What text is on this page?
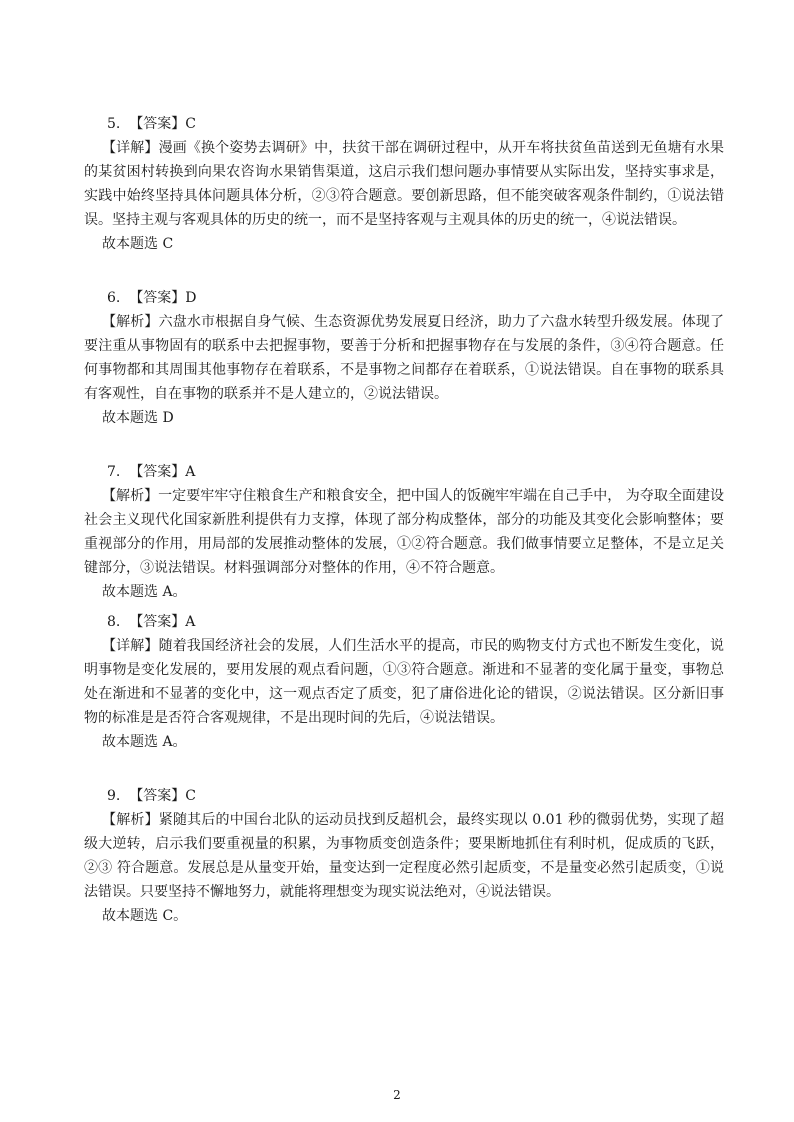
5. 【答案】C

【详解】漫画《换个姿势去调研》中，扶贫干部在调研过程中，从开车将扶贫鱼苗送到无鱼塘有水果的某贫困村转换到向果农咨询水果销售渠道，这启示我们想问题办事情要从实际出发，坚持实事求是，实践中始终坚持具体问题具体分析，②③符合题意。要创新思路，但不能突破客观条件制约，①说法错误。坚持主观与客观具体的历史的统一，而不是坚持客观与主观具体的历史的统一，④说法错误。

故本题选 C

6. 【答案】D

【解析】六盘水市根据自身气候、生态资源优势发展夏日经济，助力了六盘水转型升级发展。体现了要注重从事物固有的联系中去把握事物，要善于分析和把握事物存在与发展的条件，③④符合题意。任何事物都和其周围其他事物存在着联系，不是事物之间都存在着联系，①说法错误。自在事物的联系具有客观性，自在事物的联系并不是人建立的，②说法错误。

故本题选 D

7. 【答案】A

【解析】一定要牢牢守住粮食生产和粮食安全，把中国人的饭碗牢牢端在自己手中， 为夺取全面建设社会主义现代化国家新胜利提供有力支撑，体现了部分构成整体，部分的功能及其变化会影响整体；要重视部分的作用，用局部的发展推动整体的发展，①②符合题意。我们做事情要立足整体，不是立足关键部分，③说法错误。材料强调部分对整体的作用，④不符合题意。

故本题选 A。

8. 【答案】A

【详解】随着我国经济社会的发展，人们生活水平的提高，市民的购物支付方式也不断发生变化，说明事物是变化发展的，要用发展的观点看问题，①③符合题意。渐进和不显著的变化属于量变，事物总处在渐进和不显著的变化中，这一观点否定了质变，犯了庸俗进化论的错误，②说法错误。区分新旧事物的标准是是否符合客观规律，不是出现时间的先后，④说法错误。

故本题选 A。

9. 【答案】C

【解析】紧随其后的中国台北队的运动员找到反超机会，最终实现以 0.01 秒的微弱优势，实现了超级大逆转，启示我们要重视量的积累，为事物质变创造条件；要果断地抓住有利时机，促成质的飞跃，②③ 符合题意。发展总是从量变开始，量变达到一定程度必然引起质变，不是量变必然引起质变，①说法错误。只要坚持不懈地努力，就能将理想变为现实说法绝对，④说法错误。

故本题选 C。

2
